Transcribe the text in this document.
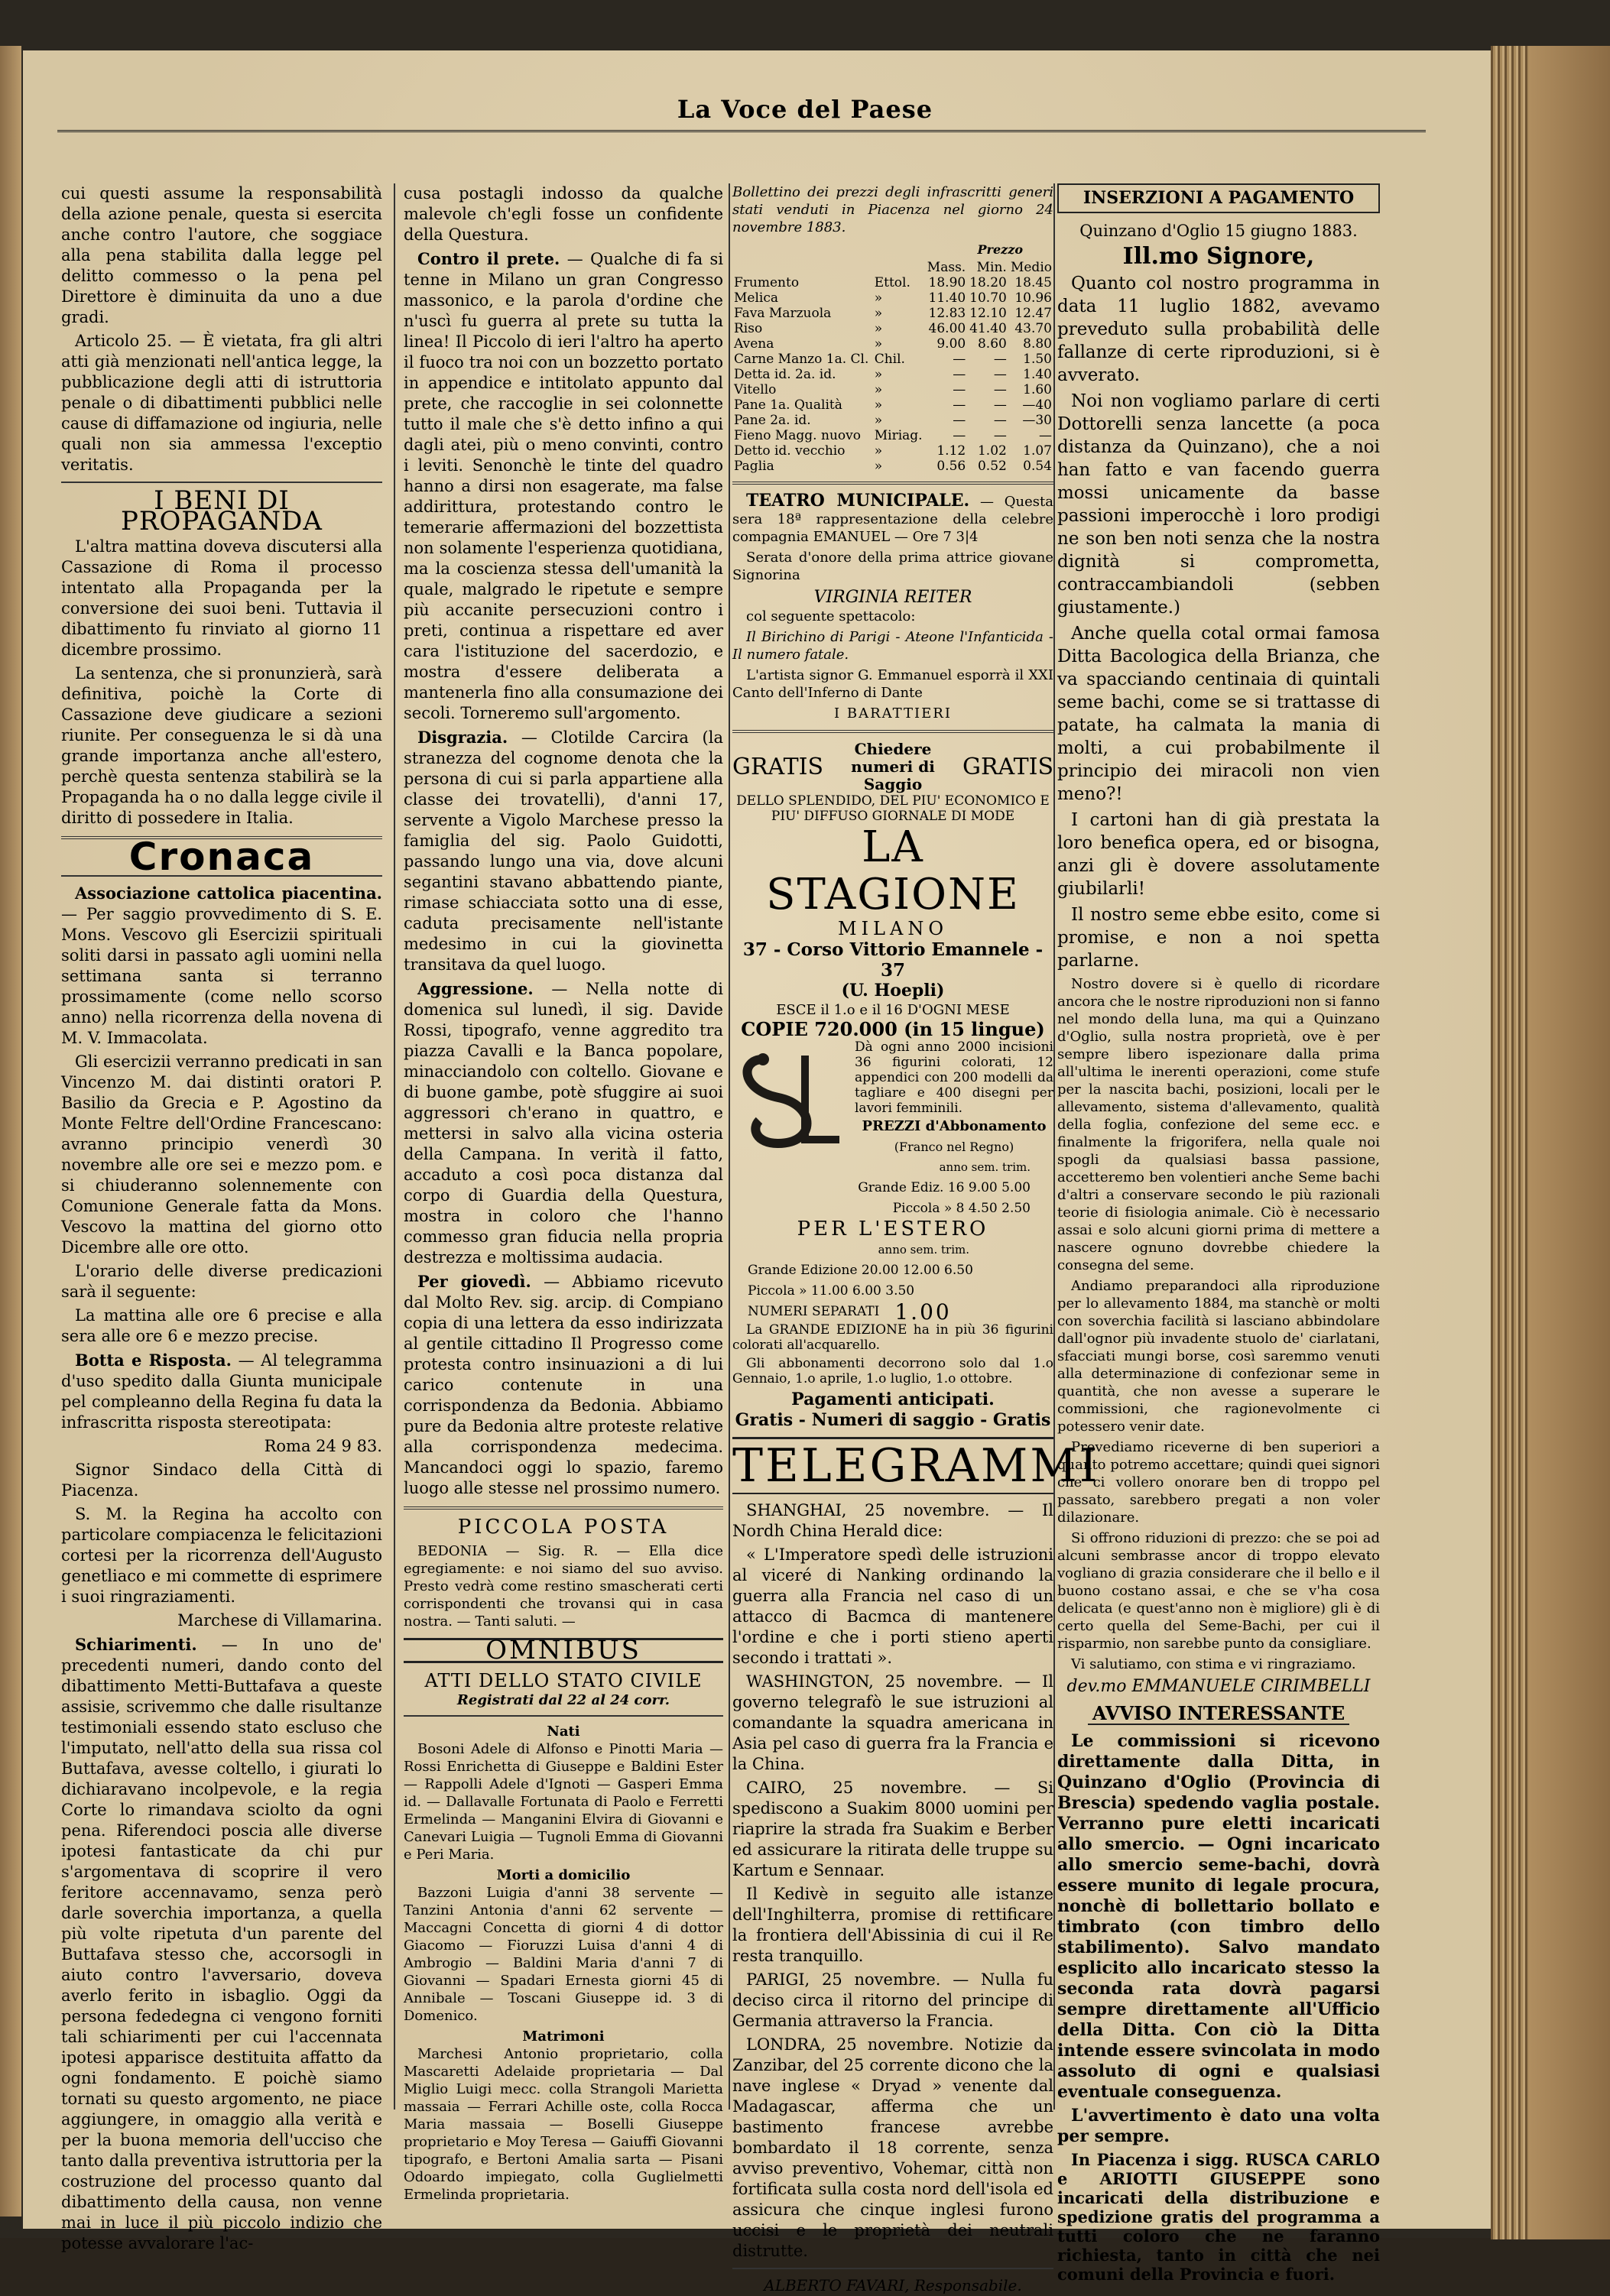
La Voce del Paese

cui questi assume la responsabilità della azione penale, questa si esercita anche contro l'autore, che soggiace alla pena stabilita dalla legge pel delitto commesso o la pena pel Direttore è diminuita da uno a due gradi.

Articolo 25. — È vietata, fra gli altri atti già menzionati nell'antica legge, la pubblicazione degli atti di istruttoria penale o di dibattimenti pubblici nelle cause di diffamazione od ingiuria, nelle quali non sia ammessa l'exceptio veritatis.

I BENI DI PROPAGANDA

L'altra mattina doveva discutersi alla Cassazione di Roma il processo intentato alla Propaganda per la conversione dei suoi beni. Tuttavia il dibattimento fu rinviato al giorno 11 dicembre prossimo.

La sentenza, che si pronunzierà, sarà definitiva, poichè la Corte di Cassazione deve giudicare a sezioni riunite. Per conseguenza le si dà una grande importanza anche all'estero, perchè questa sentenza stabilirà se la Propaganda ha o no dalla legge civile il diritto di possedere in Italia.

Cronaca

Associazione cattolica piacentina. — Per saggio provvedimento di S. E. Mons. Vescovo gli Esercizii spirituali soliti darsi in passato agli uomini nella settimana santa si terranno prossimamente (come nello scorso anno) nella ricorrenza della novena di M. V. Immacolata.

Gli esercizii verranno predicati in san Vincenzo M. dai distinti oratori P. Basilio da Grecia e P. Agostino da Monte Feltre dell'Ordine Francescano: avranno principio venerdì 30 novembre alle ore sei e mezzo pom. e si chiuderanno solennemente con Comunione Generale fatta da Mons. Vescovo la mattina del giorno otto Dicembre alle ore otto.

L'orario delle diverse predicazioni sarà il seguente:

La mattina alle ore 6 precise e alla sera alle ore 6 e mezzo precise.

Botta e Risposta. — Al telegramma d'uso spedito dalla Giunta municipale pel compleanno della Regina fu data la infrascritta risposta stereotipata:

Roma 24 9 83.

Signor Sindaco della Città di Piacenza.

S. M. la Regina ha accolto con particolare compiacenza le felicitazioni cortesi per la ricorrenza dell'Augusto genetliaco e mi commette di esprimere i suoi ringraziamenti.

Marchese di Villamarina.

Schiarimenti. — In uno de' precedenti numeri, dando conto del dibattimento Metti-Buttafava a queste assisie, scrivemmo che dalle risultanze testimoniali essendo stato escluso che l'imputato, nell'atto della sua rissa col Buttafava, avesse coltello, i giurati lo dichiaravano incolpevole, e la regia Corte lo rimandava sciolto da ogni pena. Riferendoci poscia alle diverse ipotesi fantasticate da chi pur s'argomentava di scoprire il vero feritore accennavamo, senza però darle soverchia importanza, a quella più volte ripetuta d'un parente del Buttafava stesso che, accorsogli in aiuto contro l'avversario, doveva averlo ferito in isbaglio. Oggi da persona fededegna ci vengono forniti tali schiarimenti per cui l'accennata ipotesi apparisce destituita affatto da ogni fondamento. E poichè siamo tornati su questo argomento, ne piace aggiungere, in omaggio alla verità e per la buona memoria dell'ucciso che tanto dalla preventiva istruttoria per la costruzione del processo quanto dal dibattimento della causa, non venne mai in luce il più piccolo indizio che potesse avvalorare l'ac-

cusa postagli indosso da qualche malevole ch'egli fosse un confidente della Questura.

Contro il prete. — Qualche di fa si tenne in Milano un gran Congresso massonico, e la parola d'ordine che n'uscì fu guerra al prete su tutta la linea! Il Piccolo di ieri l'altro ha aperto il fuoco tra noi con un bozzetto portato in appendice e intitolato appunto dal prete, che raccoglie in sei colonnette tutto il male che s'è detto infino a qui dagli atei, più o meno convinti, contro i leviti. Senonchè le tinte del quadro hanno a dirsi non esagerate, ma false addirittura, protestando contro le temerarie affermazioni del bozzettista non solamente l'esperienza quotidiana, ma la coscienza stessa dell'umanità la quale, malgrado le ripetute e sempre più accanite persecuzioni contro i preti, continua a rispettare ed aver cara l'istituzione del sacerdozio, e mostra d'essere deliberata a mantenerla fino alla consumazione dei secoli. Torneremo sull'argomento.

Disgrazia. — Clotilde Carcira (la stranezza del cognome denota che la persona di cui si parla appartiene alla classe dei trovatelli), d'anni 17, servente a Vigolo Marchese presso la famiglia del sig. Paolo Guidotti, passando lungo una via, dove alcuni segantini stavano abbattendo piante, rimase schiacciata sotto una di esse, caduta precisamente nell'istante medesimo in cui la giovinetta transitava da quel luogo.

Aggressione. — Nella notte di domenica sul lunedì, il sig. Davide Rossi, tipografo, venne aggredito tra piazza Cavalli e la Banca popolare, minacciandolo con coltello. Giovane e di buone gambe, potè sfuggire ai suoi aggressori ch'erano in quattro, e mettersi in salvo alla vicina osteria della Campana. In verità il fatto, accaduto a così poca distanza dal corpo di Guardia della Questura, mostra in coloro che l'hanno commesso gran fiducia nella propria destrezza e moltissima audacia.

Per giovedì. — Abbiamo ricevuto dal Molto Rev. sig. arcip. di Compiano copia di una lettera da esso indirizzata al gentile cittadino Il Progresso come protesta contro insinuazioni a di lui carico contenute in una corrispondenza da Bedonia. Abbiamo pure da Bedonia altre proteste relative alla corrispondenza medecima. Mancandoci oggi lo spazio, faremo luogo alle stesse nel prossimo numero.

PICCOLA POSTA

BEDONIA — Sig. R. — Ella dice egregiamente: e noi siamo del suo avviso. Presto vedrà come restino smascherati certi corrispondenti che trovansi qui in casa nostra. — Tanti saluti. —

OMNIBUS
ATTI DELLO STATO CIVILE
Registrati dal 22 al 24 corr.
Nati

Bosoni Adele di Alfonso e Pinotti Maria — Rossi Enrichetta di Giuseppe e Baldini Ester — Rappolli Adele d'Ignoti — Gasperi Emma id. — Dallavalle Fortunata di Paolo e Ferretti Ermelinda — Manganini Elvira di Giovanni e Canevari Luigia — Tugnoli Emma di Giovanni e Peri Maria.

Morti a domicilio

Bazzoni Luigia d'anni 38 servente — Tanzini Antonia d'anni 62 servente — Maccagni Concetta di giorni 4 di dottor Giacomo — Fioruzzi Luisa d'anni 4 di Ambrogio — Baldini Maria d'anni 7 di Giovanni — Spadari Ernesta giorni 45 di Annibale — Toscani Giuseppe id. 3 di Domenico.

Matrimoni

Marchesi Antonio proprietario, colla Mascaretti Adelaide proprietaria — Dal Miglio Luigi mecc. colla Strangoli Marietta massaia — Ferrari Achille oste, colla Rocca Maria massaia — Boselli Giuseppe proprietario e Moy Teresa — Gaiuffi Giovanni tipografo, e Bertoni Amalia sarta — Pisani Odoardo impiegato, colla Guglielmetti Ermelinda proprietaria.

Bollettino dei prezzi degli infrascritti generi stati venduti in Piacenza nel giorno 24 novembre 1883.

Prezzo
		Mass.	Min.	Medio
Frumento	Ettol.	18.90	18.20	18.45
Melica	»	11.40	10.70	10.96
Fava Marzuola	»	12.83	12.10	12.47
Riso	»	46.00	41.40	43.70
Avena	»	9.00	8.60	8.80
Carne Manzo 1a. Cl.	Chil.	—	—	1.50
Detta id. 2a. id.	»	—	—	1.40
Vitello	»	—	—	1.60
Pane 1a. Qualità	»	—	—	—40
Pane 2a. id.	»	—	—	—30
Fieno Magg. nuovo	Miriag.	—	—	—
Detto id. vecchio	»	1.12	1.02	1.07
Paglia	»	0.56	0.52	0.54

TEATRO MUNICIPALE. — Questa sera 18ª rappresentazione della celebre compagnia EMANUEL — Ore 7 3|4

Serata d'onore della prima attrice giovane Signorina

VIRGINIA REITER

col seguente spettacolo:

Il Birichino di Parigi - Ateone l'Infanticida - Il numero fatale.

L'artista signor G. Emmanuel esporrà il XXI Canto dell'Inferno di Dante

I BARATTIERI
GRATIS
Chiedere numeri di Saggio
GRATIS
DELLO SPLENDIDO, DEL PIU' ECONOMICO E PIU' DIFFUSO GIORNALE DI MODE
LA STAGIONE
MILANO
37 - Corso Vittorio Emannele - 37
(U. Hoepli)
ESCE il 1.o e il 16 D'OGNI MESE
COPIE 720.000 (in 15 lingue)
Dà ogni anno 2000 incisioni 36 figurini colorati, 12 appendici con 200 modelli da tagliare e 400 disegni per lavori femminili.
PREZZI d'Abbonamento
(Franco nel Regno)
anno sem. trim.
Grande Ediz. 16 9.00 5.00
Piccola » 8 4.50 2.50
PER L'ESTERO
anno sem. trim.
Grande Edizione 20.00 12.00 6.50
Piccola » 11.00 6.00 3.50
NUMERI SEPARATI 1.00

La GRANDE EDIZIONE ha in più 36 figurini colorati all'acquarello.

Gli abbonamenti decorrono solo dal 1.o Gennaio, 1.o aprile, 1.o luglio, 1.o ottobre.

Pagamenti anticipati.
Gratis - Numeri di saggio - Gratis
TELEGRAMMI

SHANGHAI, 25 novembre. — Il Nordh China Herald dice:

« L'Imperatore spedì delle istruzioni al viceré di Nanking ordinando la guerra alla Francia nel caso di un attacco di Bacmca di mantenere l'ordine e che i porti stieno aperti secondo i trattati ».

WASHINGTON, 25 novembre. — Il governo telegrafò le sue istruzioni al comandante la squadra americana in Asia pel caso di guerra fra la Francia e la China.

CAIRO, 25 novembre. — Si spediscono a Suakim 8000 uomini per riaprire la strada fra Suakim e Berber ed assicurare la ritirata delle truppe su Kartum e Sennaar.

Il Kedivè in seguito alle istanze dell'Inghilterra, promise di rettificare la frontiera dell'Abissinia di cui il Re resta tranquillo.

PARIGI, 25 novembre. — Nulla fu deciso circa il ritorno del principe di Germania attraverso la Francia.

LONDRA, 25 novembre. Notizie da Zanzibar, del 25 corrente dicono che la nave inglese « Dryad » venente dal Madagascar, afferma che un bastimento francese avrebbe bombardato il 18 corrente, senza avviso preventivo, Vohemar, città non fortificata sulla costa nord dell'isola ed assicura che cinque inglesi furono uccisi e le proprietà dei neutrali distrutte.

ALBERTO FAVARI, Responsabile.
INSERZIONI A PAGAMENTO
Quinzano d'Oglio 15 giugno 1883.
Ill.mo Signore,

Quanto col nostro programma in data 11 luglio 1882, avevamo preveduto sulla probabilità delle fallanze di certe riproduzioni, si è avverato.

Noi non vogliamo parlare di certi Dottorelli senza lancette (a poca distanza da Quinzano), che a noi han fatto e van facendo guerra mossi unicamente da basse passioni imperocchè i loro prodigi ne son ben noti senza che la nostra dignità si comprometta, contraccambiandoli (sebben giustamente.)

Anche quella cotal ormai famosa Ditta Bacologica della Brianza, che va spacciando centinaia di quintali seme bachi, come se si trattasse di patate, ha calmata la mania di molti, a cui probabilmente il principio dei miracoli non vien meno?!

I cartoni han di già prestata la loro benefica opera, ed or bisogna, anzi gli è dovere assolutamente giubilarli!

Il nostro seme ebbe esito, come si promise, e non a noi spetta parlarne.

Nostro dovere si è quello di ricordare ancora che le nostre riproduzioni non si fanno nel mondo della luna, ma qui a Quinzano d'Oglio, sulla nostra proprietà, ove è per sempre libero ispezionare dalla prima all'ultima le inerenti operazioni, come stufe per la nascita bachi, posizioni, locali per le allevamento, sistema d'allevamento, qualità della foglia, confezione del seme ecc. e finalmente la frigorifera, nella quale noi spogli da qualsiasi bassa passione, accetteremo ben volentieri anche Seme bachi d'altri a conservare secondo le più razionali teorie di fisiologia animale. Ciò è necessario assai e solo alcuni giorni prima di mettere a nascere ognuno dovrebbe chiedere la consegna del seme.

Andiamo preparandoci alla riproduzione per lo allevamento 1884, ma stanchè or molti con soverchia facilità si lasciano abbindolare dall'ognor più invadente stuolo de' ciarlatani, sfacciati mungi borse, così saremmo venuti alla determinazione di confezionar seme in quantità, che non avesse a superare le commissioni, che ragionevolmente ci potessero venir date.

Prevediamo riceverne di ben superiori a quanto potremo accettare; quindi quei signori che ci vollero onorare ben di troppo pel passato, sarebbero pregati a non voler dilazionare.

Si offrono riduzioni di prezzo: che se poi ad alcuni sembrasse ancor di troppo elevato vogliano di grazia considerare che il bello e il buono costano assai, e che se v'ha cosa delicata (e quest'anno non è migliore) gli è di certo quella del Seme-Bachi, per cui il risparmio, non sarebbe punto da consigliare.

Vi salutiamo, con stima e vi ringraziamo.

dev.mo EMMANUELE CIRIMBELLI
AVVISO INTERESSANTE

Le commissioni si ricevono direttamente dalla Ditta, in Quinzano d'Oglio (Provincia di Brescia) spedendo vaglia postale. Verranno pure eletti incaricati allo smercio. — Ogni incaricato allo smercio seme-bachi, dovrà essere munito di legale procura, nonchè di bollettario bollato e timbrato (con timbro dello stabilimento). Salvo mandato esplicito allo incaricato stesso la seconda rata dovrà pagarsi sempre direttamente all'Ufficio della Ditta. Con ciò la Ditta intende essere svincolata in modo assoluto di ogni e qualsiasi eventuale conseguenza.

L'avvertimento è dato una volta per sempre.

In Piacenza i sigg. RUSCA CARLO e ARIOTTI GIUSEPPE sono incaricati della distribuzione e spedizione gratis del programma a tutti coloro che ne faranno richiesta, tanto in città che nei comuni della Provincia e fuori.
